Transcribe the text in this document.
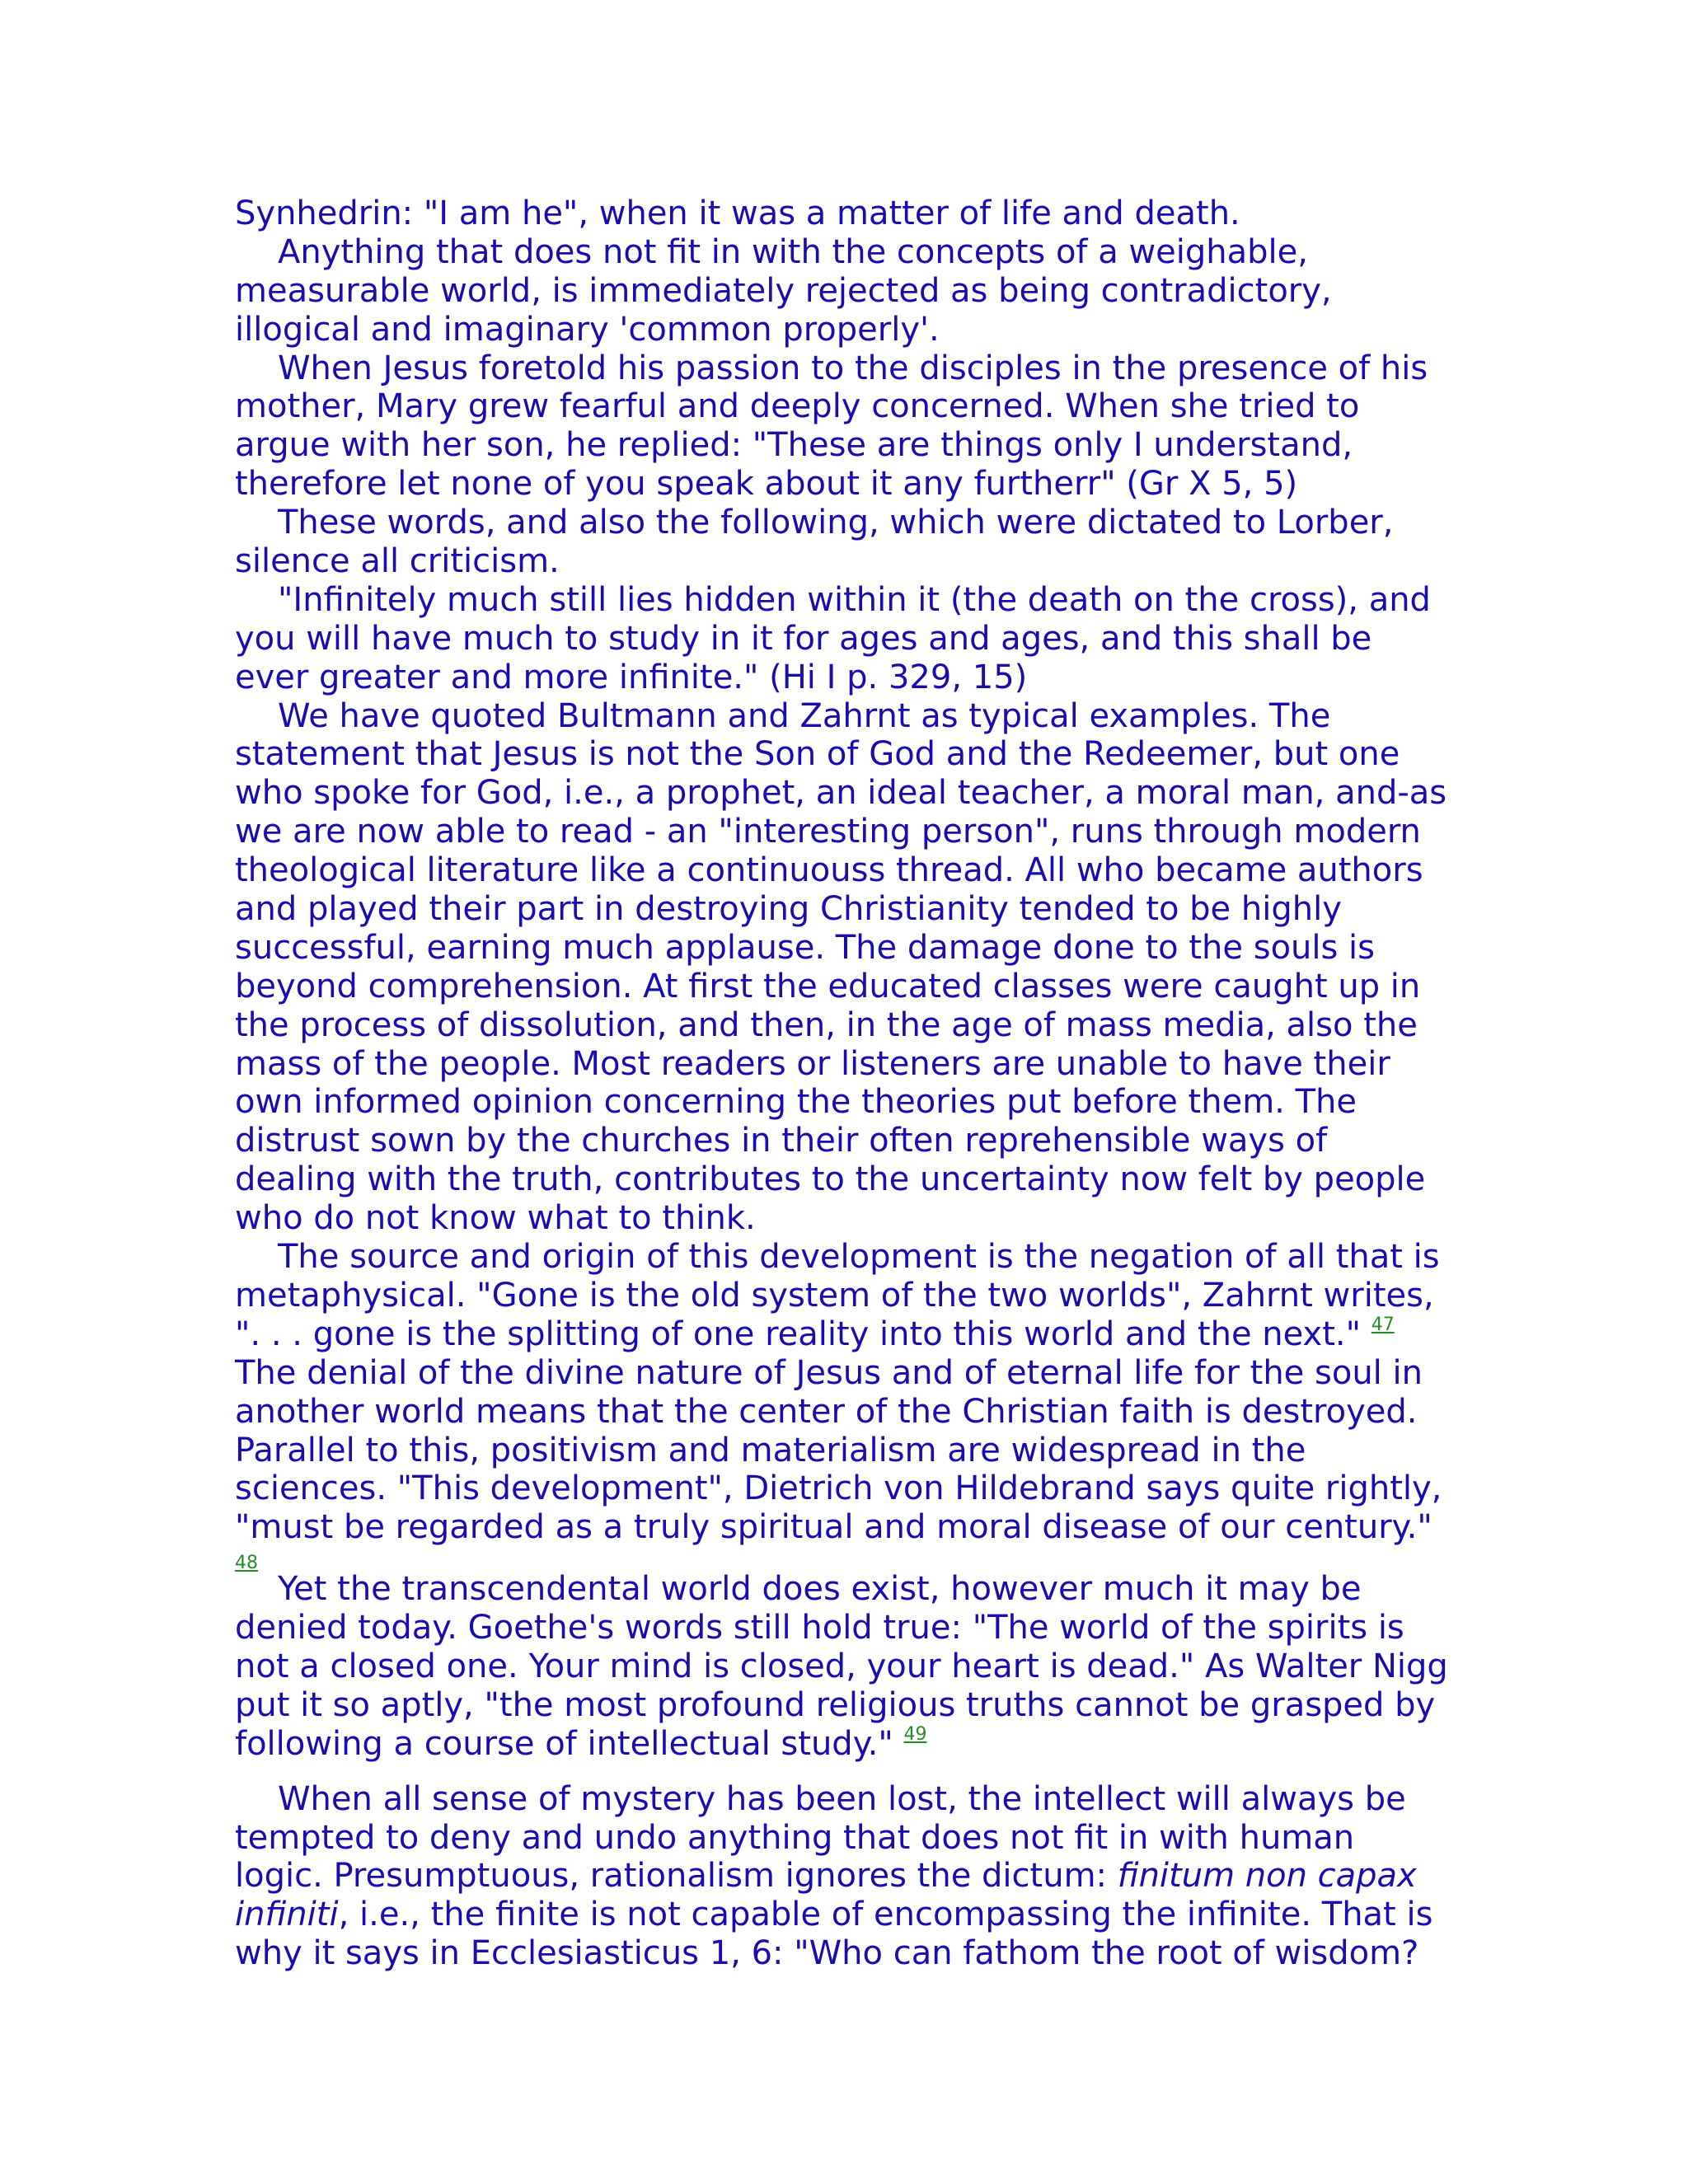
Synhedrin: "I am he", when it was a matter of life and death.
Anything that does not fit in with the concepts of a weighable,
measurable world, is immediately rejected as being contradictory,
illogical and imaginary 'common properly'.
When Jesus foretold his passion to the disciples in the presence of his
mother, Mary grew fearful and deeply concerned. When she tried to
argue with her son, he replied: "These are things only I understand,
therefore let none of you speak about it any furtherr" (Gr X 5, 5)
These words, and also the following, which were dictated to Lorber,
silence all criticism.
"Infinitely much still lies hidden within it (the death on the cross), and
you will have much to study in it for ages and ages, and this shall be
ever greater and more infinite." (Hi I p. 329, 15)
We have quoted Bultmann and Zahrnt as typical examples. The
statement that Jesus is not the Son of God and the Redeemer, but one
who spoke for God, i.e., a prophet, an ideal teacher, a moral man, and-as
we are now able to read - an "interesting person", runs through modern
theological literature like a continuouss thread. All who became authors
and played their part in destroying Christianity tended to be highly
successful, earning much applause. The damage done to the souls is
beyond comprehension. At first the educated classes were caught up in
the process of dissolution, and then, in the age of mass media, also the
mass of the people. Most readers or listeners are unable to have their
own informed opinion concerning the theories put before them. The
distrust sown by the churches in their often reprehensible ways of
dealing with the truth, contributes to the uncertainty now felt by people
who do not know what to think.
The source and origin of this development is the negation of all that is
metaphysical. "Gone is the old system of the two worlds", Zahrnt writes,
". . . gone is the splitting of one reality into this world and the next." $^{47}$
The denial of the divine nature of Jesus and of eternal life for the soul in
another world means that the center of the Christian faith is destroyed.
Parallel to this, positivism and materialism are widespread in the
sciences. "This development", Dietrich von Hildebrand says quite rightly,
"must be regarded as a truly spiritual and moral disease of our century."
48
Yet the transcendental world does exist, however much it may be
denied today. Goethe's words still hold true: "The world of the spirits is
not a closed one. Your mind is closed, your heart is dead." As Walter Nigg
put it so aptly, "the most profound religious truths cannot be grasped by
following a course of intellectual study." $^{49}$
When all sense of mystery has been lost, the intellect will always be
tempted to deny and undo anything that does not fit in with human
logic. Presumptuous, rationalism ignores the dictum: finitum non capax
infiniti, i.e., the finite is not capable of encompassing the infinite. That is
why it says in Ecclesiasticus 1, 6: "Who can fathom the root of wisdom?
